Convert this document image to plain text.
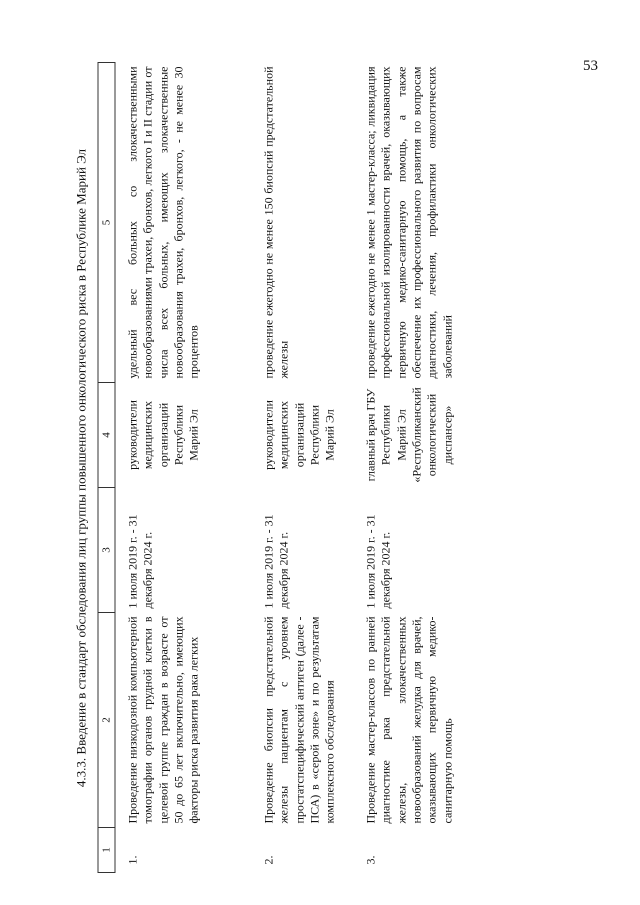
53
4.3.3. Введение в стандарт обследования лиц группы повышенного онкологического риска в Республике Марий Эл
1	2	3	4	5
1.	Проведение низкодозной компьютерной томографии органов грудной клетки в целевой группе граждан в возрасте от 50 до 65 лет включительно, имеющих факторы риска развития рака легких	1 июля 2019 г. - 31 декабря 2024 г.	руководители медицинских организаций Республики Марий Эл	удельный вес больных со злокачественными новообразованиями трахеи, бронхов, легкого I и II стадии от числа всех больных, имеющих злокачественные новообразования трахеи, бронхов, легкого, - не менее 30 процентов
2.	Проведение биопсии предстательной железы пациентам с уровнем простатспецифический антиген (далее - ПСА) в «серой зоне» и по результатам комплексного обследования	1 июля 2019 г. - 31 декабря 2024 г.	руководители медицинских организаций Республики Марий Эл	проведение ежегодно не менее 150 биопсий предстательной железы
3.	Проведение мастер-классов по ранней диагностике рака предстательной железы, злокачественных новообразований желудка для врачей, оказывающих первичную медико-санитарную помощь	1 июля 2019 г. - 31 декабря 2024 г.	главный врач ГБУ Республики Марий Эл «Республиканский онкологический диспансер»	проведение ежегодно не менее 1 мастер-класса; ликвидация профессиональной изолированности врачей, оказывающих первичную медико-санитарную помощь, а также обеспечение их профессионального развития по вопросам диагностики, лечения, профилактики онкологических заболеваний
